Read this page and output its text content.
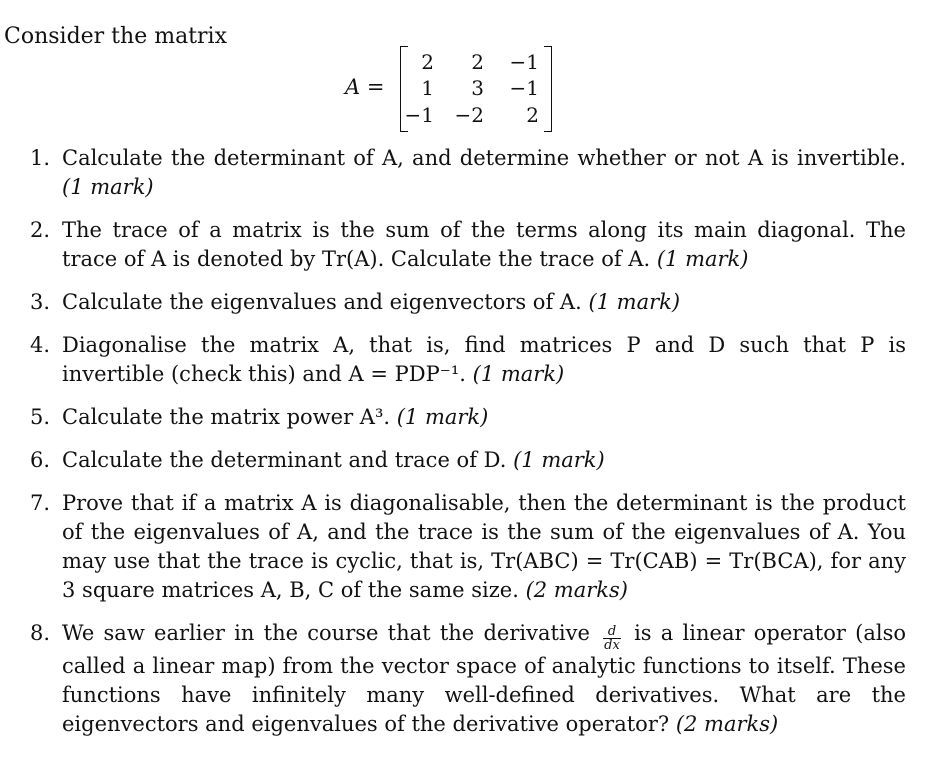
Consider the matrix
A =
2	2	−1
1	3	−1
−1	−2	2
1. Calculate the determinant of A, and determine whether or not A is invertible. (1 mark)
2. The trace of a matrix is the sum of the terms along its main diagonal. The trace of A is denoted by Tr(A). Calculate the trace of A. (1 mark)
3. Calculate the eigenvalues and eigenvectors of A. (1 mark)
4. Diagonalise the matrix A, that is, find matrices P and D such that P is invertible (check this) and A = PDP⁻¹. (1 mark)
5. Calculate the matrix power A³. (1 mark)
6. Calculate the determinant and trace of D. (1 mark)
7. Prove that if a matrix A is diagonalisable, then the determinant is the product of the eigenvalues of A, and the trace is the sum of the eigenvalues of A. You may use that the trace is cyclic, that is, Tr(ABC) = Tr(CAB) = Tr(BCA), for any 3 square matrices A, B, C of the same size. (2 marks)
8. We saw earlier in the course that the derivative $\frac{d}{dx}$ is a linear operator (also called a linear map) from the vector space of analytic functions to itself. These functions have infinitely many well-defined derivatives. What are the eigenvectors and eigenvalues of the derivative operator? (2 marks)
